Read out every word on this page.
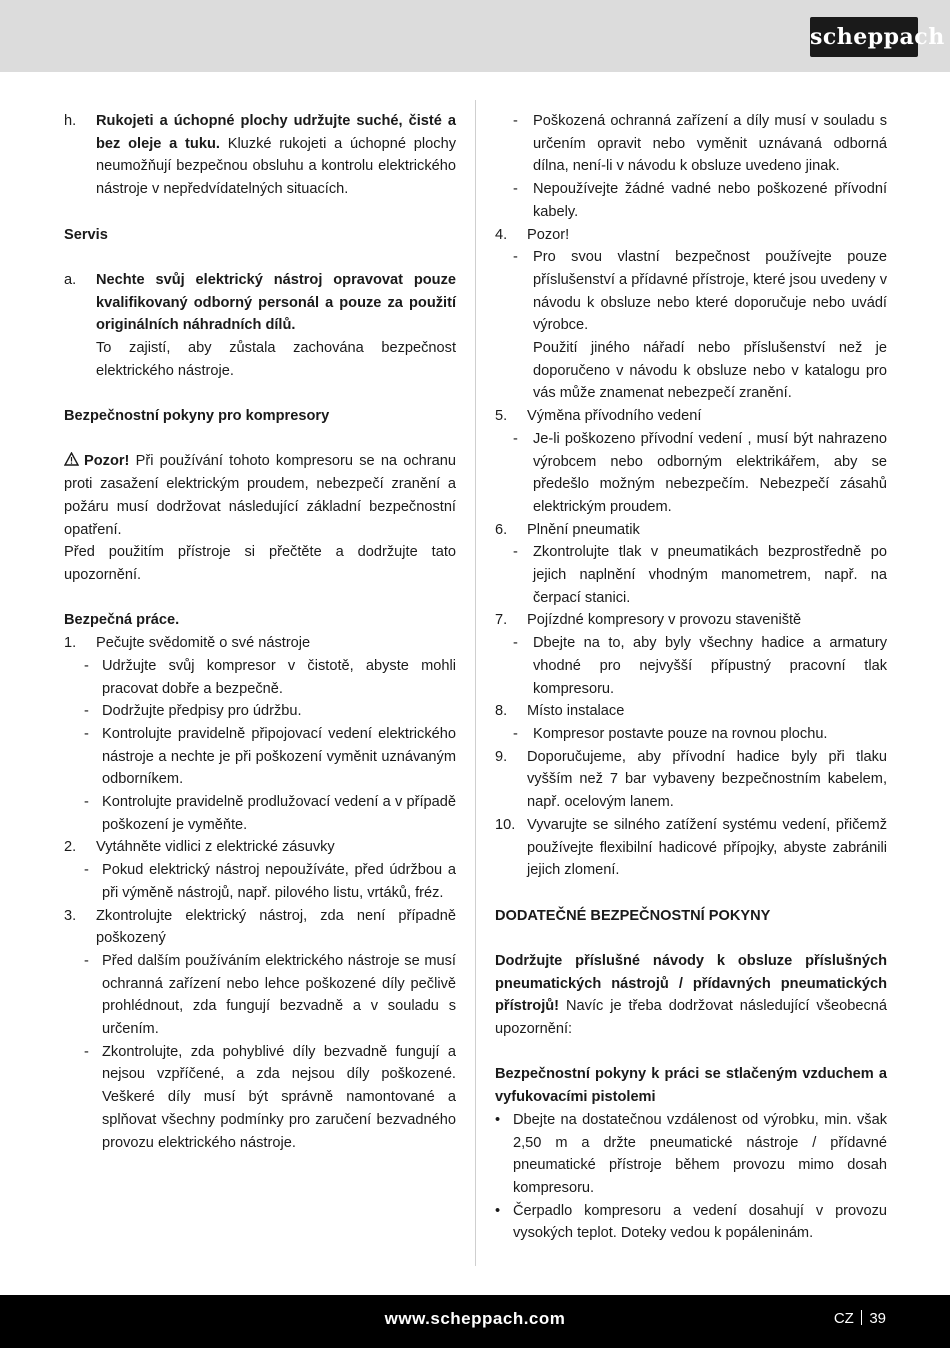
scheppach

h. Rukojeti a úchopné plochy udržujte suché, čisté a bez oleje a tuku. Kluzké rukojeti a úchopné plochy neumožňují bezpečnou obsluhu a kontrolu elektrického nástroje v nepředvídatelných situacích.

Servis

a. Nechte svůj elektrický nástroj opravovat pouze kvalifikovaný odborný personál a pouze za použití originálních náhradních dílů.

To zajistí, aby zůstala zachována bezpečnost elektrického nástroje.

Bezpečnostní pokyny pro kompresory

Pozor! Při používání tohoto kompresoru se na ochranu proti zasažení elektrickým proudem, nebezpečí zranění a požáru musí dodržovat následující základní bezpečnostní opatření.

Před použitím přístroje si přečtěte a dodržujte tato upozornění.

Bezpečná práce.

1. Pečujte svědomitě o své nástroje

- Udržujte svůj kompresor v čistotě, abyste mohli pracovat dobře a bezpečně.

- Dodržujte předpisy pro údržbu.

- Kontrolujte pravidelně připojovací vedení elektrického nástroje a nechte je při poškození vyměnit uznávaným odborníkem.

- Kontrolujte pravidelně prodlužovací vedení a v případě poškození je vyměňte.

2. Vytáhněte vidlici z elektrické zásuvky

- Pokud elektrický nástroj nepoužíváte, před údržbou a při výměně nástrojů, např. pilového listu, vrtáků, fréz.

3. Zkontrolujte elektrický nástroj, zda není případně poškozený

- Před dalším používáním elektrického nástroje se musí ochranná zařízení nebo lehce poškozené díly pečlivě prohlédnout, zda fungují bezvadně a v souladu s určením.

- Zkontrolujte, zda pohyblivé díly bezvadně fungují a nejsou vzpříčené, a zda nejsou díly poškozené. Veškeré díly musí být správně namontované a splňovat všechny podmínky pro zaručení bezvadného provozu elektrického nástroje.

- Poškozená ochranná zařízení a díly musí v souladu s určením opravit nebo vyměnit uznávaná odborná dílna, není-li v návodu k obsluze uvedeno jinak.

- Nepoužívejte žádné vadné nebo poškozené přívodní kabely.

4. Pozor!

- Pro svou vlastní bezpečnost používejte pouze příslušenství a přídavné přístroje, které jsou uvedeny v návodu k obsluze nebo které doporučuje nebo uvádí výrobce.

Použití jiného nářadí nebo příslušenství než je doporučeno v návodu k obsluze nebo v katalogu pro vás může znamenat nebezpečí zranění.

5. Výměna přívodního vedení

- Je-li poškozeno přívodní vedení , musí být nahrazeno výrobcem nebo odborným elektrikářem, aby se předešlo možným nebezpečím. Nebezpečí zásahů elektrickým proudem.

6. Plnění pneumatik

- Zkontrolujte tlak v pneumatikách bezprostředně po jejich naplnění vhodným manometrem, např. na čerpací stanici.

7. Pojízdné kompresory v provozu staveniště

- Dbejte na to, aby byly všechny hadice a armatury vhodné pro nejvyšší přípustný pracovní tlak kompresoru.

8. Místo instalace

- Kompresor postavte pouze na rovnou plochu.

9. Doporučujeme, aby přívodní hadice byly při tlaku vyšším než 7 bar vybaveny bezpečnostním kabelem, např. ocelovým lanem.

10. Vyvarujte se silného zatížení systému vedení, přičemž používejte flexibilní hadicové přípojky, abyste zabránili jejich zlomení.

DODATEČNÉ BEZPEČNOSTNÍ POKYNY

Dodržujte příslušné návody k obsluze příslušných pneumatických nástrojů / přídavných pneumatických přístrojů! Navíc je třeba dodržovat následující všeobecná upozornění:

Bezpečnostní pokyny k práci se stlačeným vzduchem a vyfukovacími pistolemi

• Dbejte na dostatečnou vzdálenost od výrobku, min. však 2,50 m a držte pneumatické nástroje / přídavné pneumatické přístroje během provozu mimo dosah kompresoru.

• Čerpadlo kompresoru a vedení dosahují v provozu vysokých teplot. Doteky vedou k popáleninám.

www.scheppach.com	CZ 39
